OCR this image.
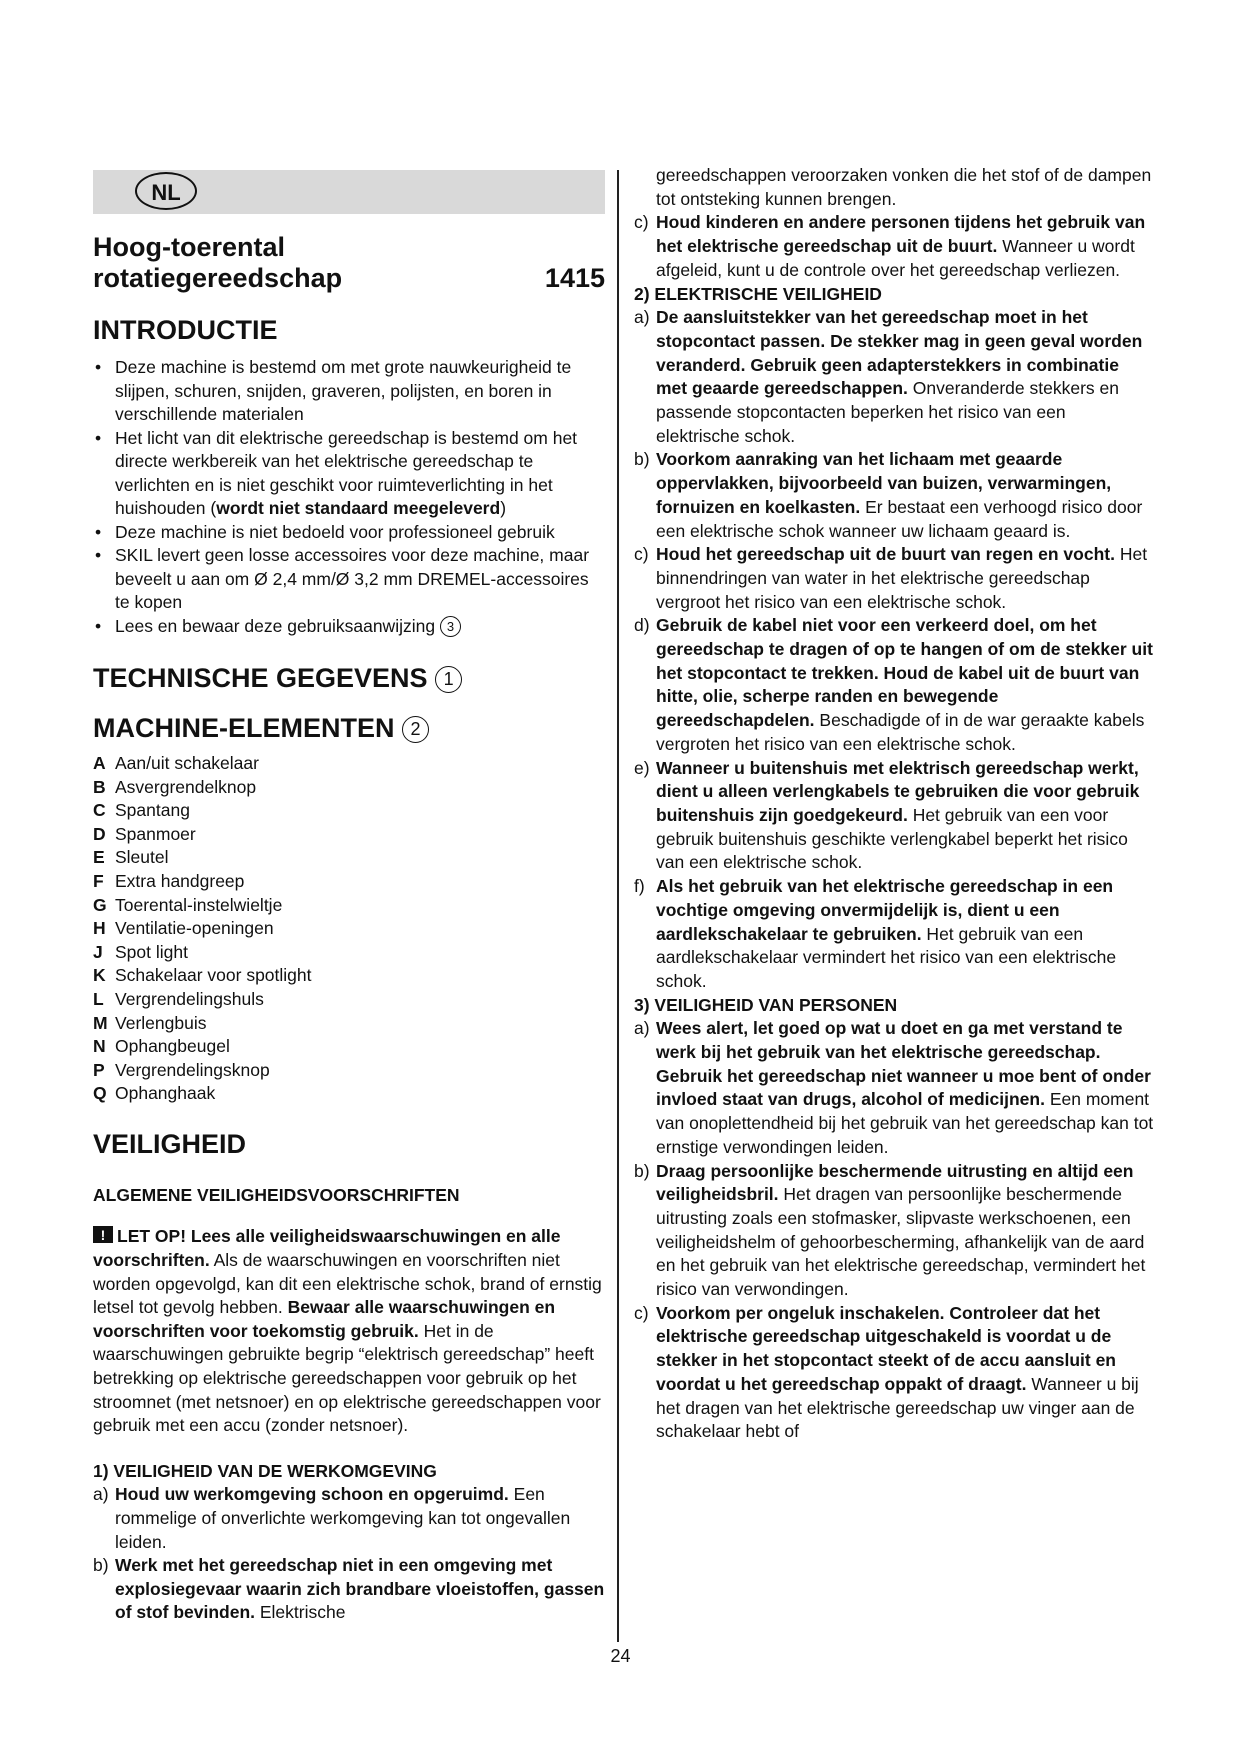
NL
Hoog-toerental
rotatiegereedschap	1415
INTRODUCTIE
• Deze machine is bestemd om met grote nauwkeurigheid te slijpen, schuren, snijden, graveren, polijsten, en boren in verschillende materialen
• Het licht van dit elektrische gereedschap is bestemd om het directe werkbereik van het elektrische gereedschap te verlichten en is niet geschikt voor ruimteverlichting in het huishouden (wordt niet standaard meegeleverd)
• Deze machine is niet bedoeld voor professioneel gebruik
• SKIL levert geen losse accessoires voor deze machine, maar beveelt u aan om Ø 2,4 mm/Ø 3,2 mm DREMEL-accessoires te kopen
• Lees en bewaar deze gebruiksaanwijzing 3
TECHNISCHE GEGEVENS 1
MACHINE-ELEMENTEN 2
A Aan/uit schakelaar
B Asvergrendelknop
C Spantang
D Spanmoer
E Sleutel
F Extra handgreep
G Toerental-instelwieltje
H Ventilatie-openingen
J Spot light
K Schakelaar voor spotlight
L Vergrendelingshuls
M Verlengbuis
N Ophangbeugel
P Vergrendelingsknop
Q Ophanghaak
VEILIGHEID
ALGEMENE VEILIGHEIDSVOORSCHRIFTEN
!LET OP! Lees alle veiligheidswaarschuwingen en alle voorschriften. Als de waarschuwingen en voorschriften niet worden opgevolgd, kan dit een elektrische schok, brand of ernstig letsel tot gevolg hebben. Bewaar alle waarschuwingen en voorschriften voor toekomstig gebruik. Het in de waarschuwingen gebruikte begrip “elektrisch gereedschap” heeft betrekking op elektrische gereedschappen voor gebruik op het stroomnet (met netsnoer) en op elektrische gereedschappen voor gebruik met een accu (zonder netsnoer).
1) VEILIGHEID VAN DE WERKOMGEVING
a) Houd uw werkomgeving schoon en opgeruimd. Een rommelige of onverlichte werkomgeving kan tot ongevallen leiden.
b) Werk met het gereedschap niet in een omgeving met explosiegevaar waarin zich brandbare vloeistoffen, gassen of stof bevinden. Elektrische
gereedschappen veroorzaken vonken die het stof of de dampen tot ontsteking kunnen brengen.
c) Houd kinderen en andere personen tijdens het gebruik van het elektrische gereedschap uit de buurt. Wanneer u wordt afgeleid, kunt u de controle over het gereedschap verliezen.
2) ELEKTRISCHE VEILIGHEID
a) De aansluitstekker van het gereedschap moet in het stopcontact passen. De stekker mag in geen geval worden veranderd. Gebruik geen adapterstekkers in combinatie met geaarde gereedschappen. Onveranderde stekkers en passende stopcontacten beperken het risico van een elektrische schok.
b) Voorkom aanraking van het lichaam met geaarde oppervlakken, bijvoorbeeld van buizen, verwarmingen, fornuizen en koelkasten. Er bestaat een verhoogd risico door een elektrische schok wanneer uw lichaam geaard is.
c) Houd het gereedschap uit de buurt van regen en vocht. Het binnendringen van water in het elektrische gereedschap vergroot het risico van een elektrische schok.
d) Gebruik de kabel niet voor een verkeerd doel, om het gereedschap te dragen of op te hangen of om de stekker uit het stopcontact te trekken. Houd de kabel uit de buurt van hitte, olie, scherpe randen en bewegende gereedschapdelen. Beschadigde of in de war geraakte kabels vergroten het risico van een elektrische schok.
e) Wanneer u buitenshuis met elektrisch gereedschap werkt, dient u alleen verlengkabels te gebruiken die voor gebruik buitenshuis zijn goedgekeurd. Het gebruik van een voor gebruik buitenshuis geschikte verlengkabel beperkt het risico van een elektrische schok.
f) Als het gebruik van het elektrische gereedschap in een vochtige omgeving onvermijdelijk is, dient u een aardlekschakelaar te gebruiken. Het gebruik van een aardlekschakelaar vermindert het risico van een elektrische schok.
3) VEILIGHEID VAN PERSONEN
a) Wees alert, let goed op wat u doet en ga met verstand te werk bij het gebruik van het elektrische gereedschap. Gebruik het gereedschap niet wanneer u moe bent of onder invloed staat van drugs, alcohol of medicijnen. Een moment van onoplettendheid bij het gebruik van het gereedschap kan tot ernstige verwondingen leiden.
b) Draag persoonlijke beschermende uitrusting en altijd een veiligheidsbril. Het dragen van persoonlijke beschermende uitrusting zoals een stofmasker, slipvaste werkschoenen, een veiligheidshelm of gehoorbescherming, afhankelijk van de aard en het gebruik van het elektrische gereedschap, vermindert het risico van verwondingen.
c) Voorkom per ongeluk inschakelen. Controleer dat het elektrische gereedschap uitgeschakeld is voordat u de stekker in het stopcontact steekt of de accu aansluit en voordat u het gereedschap oppakt of draagt. Wanneer u bij het dragen van het elektrische gereedschap uw vinger aan de schakelaar hebt of
24
